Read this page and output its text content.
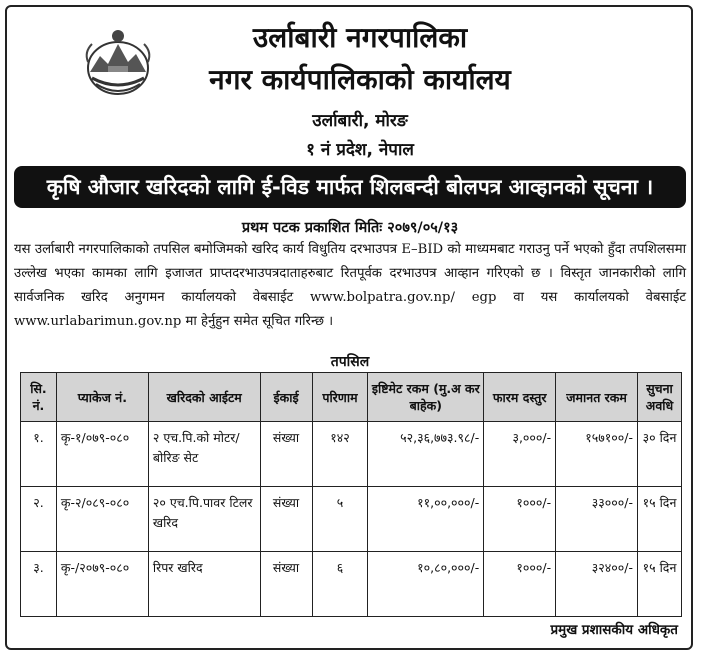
उर्लाबारी नगरपालिका
नगर कार्यपालिकाको कार्यालय
उर्लाबारी, मोरङ
१ नं प्रदेश, नेपाल
कृषि औजार खरिदको लागि ई-विड मार्फत शिलबन्दी बोलपत्र आव्हानको सूचना ।
प्रथम पटक प्रकाशित मितिः २०७९/०५/१३
यस उर्लाबारी नगरपालिकाको तपसिल बमोजिमको खरिद कार्य विधुतिय दरभाउपत्र E–BID को माध्यमबाट गराउनु पर्ने भएको हुँदा तपशिलसमा उल्लेख भएका कामका लागि इजाजत प्राप्तदरभाउपत्रदाताहरुबाट रितपूर्वक दरभाउपत्र आव्हान गरिएको छ । विस्तृत जानकारीको लागि सार्वजनिक खरिद अनुगमन कार्यालयको वेबसाईट www.bolpatra.gov.np/ egp वा यस कार्यालयको वेबसाईट www.urlabarimun.gov.np मा हेर्नुहुन समेत सूचित गरिन्छ ।
तपसिल
सि. नं.	प्याकेज नं.	खरिदको आईटम	ईकाई	परिणाम	इष्टिमेट रकम (मु.अ कर बाहेक)	फारम दस्तुर	जमानत रकम	सुचना अवधि
१.	कृ-१/०७९-०८०	२ एच.पि.को मोटर/बोरिङ सेट	संख्या	१४२	५२,३६,७७३.९८/-	३,०००/-	१५७१००/-	३० दिन
२.	कृ-२/०८९-०८०	२० एच.पि.पावर टिलर खरिद	संख्या	५	११,००,०००/-	१०००/-	३३०००/-	१५ दिन
३.	कृ-/२०७९-०८०	रिपर खरिद	संख्या	६	१०,८०,०००/-	१०००/-	३२४००/-	१५ दिन
प्रमुख प्रशासकीय अधिकृत
